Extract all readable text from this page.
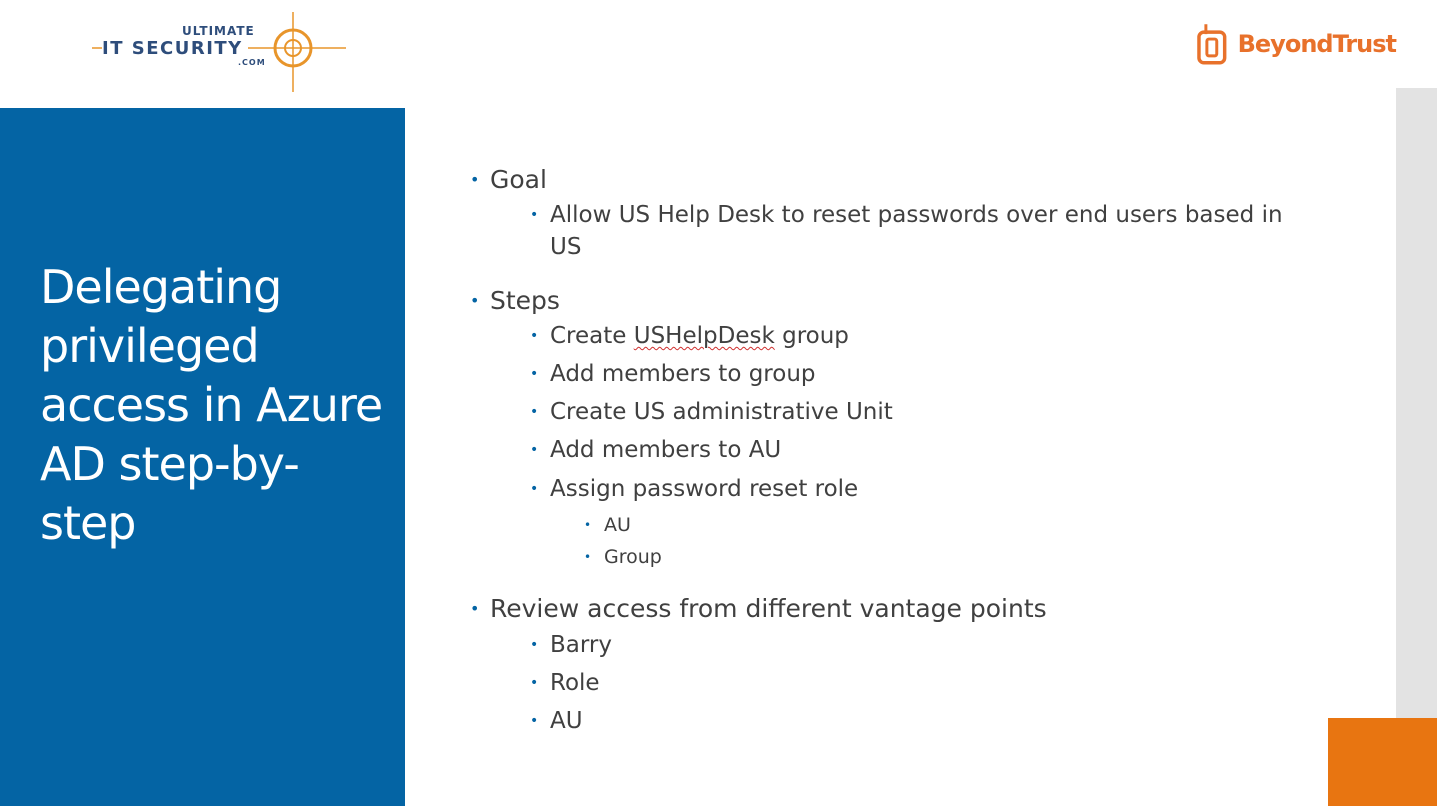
ULTIMATE
IT SECURITY
.COM
BeyondTrust
Delegating privileged access in Azure AD step-by-step
• Goal
• Allow US Help Desk to reset passwords over end users based in US
• Steps
• Create USHelpDesk group
• Add members to group
• Create US administrative Unit
• Add members to AU
• Assign password reset role
• AU
• Group
• Review access from different vantage points
• Barry
• Role
• AU
